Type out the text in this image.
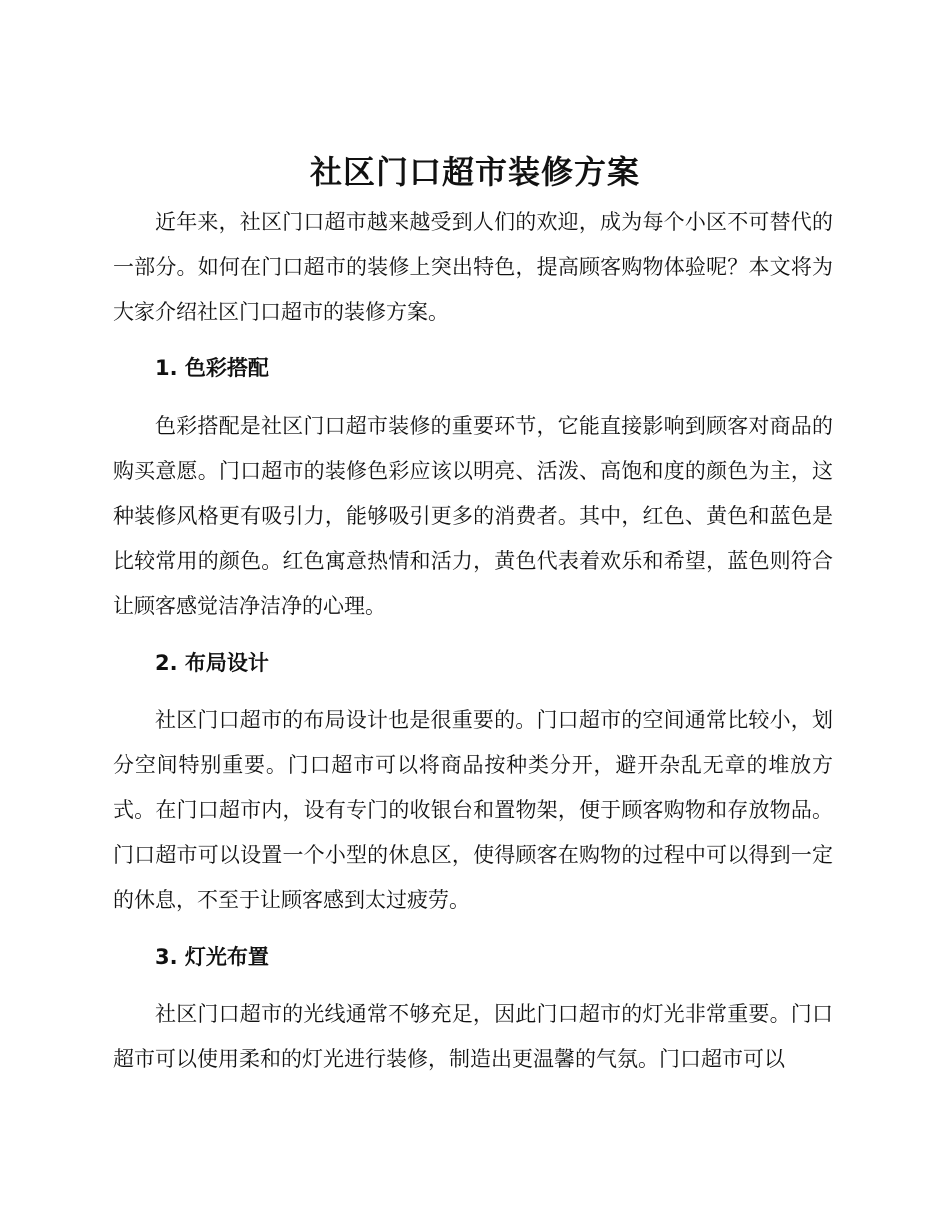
社区门口超市装修方案

近年来，社区门口超市越来越受到人们的欢迎，成为每个小区不可替代的一部分。如何在门口超市的装修上突出特色，提高顾客购物体验呢？本文将为大家介绍社区门口超市的装修方案。

1. 色彩搭配

色彩搭配是社区门口超市装修的重要环节，它能直接影响到顾客对商品的购买意愿。门口超市的装修色彩应该以明亮、活泼、高饱和度的颜色为主，这种装修风格更有吸引力，能够吸引更多的消费者。其中，红色、黄色和蓝色是比较常用的颜色。红色寓意热情和活力，黄色代表着欢乐和希望，蓝色则符合让顾客感觉洁净洁净的心理。

2. 布局设计

社区门口超市的布局设计也是很重要的。门口超市的空间通常比较小，划分空间特别重要。门口超市可以将商品按种类分开，避开杂乱无章的堆放方式。在门口超市内，设有专门的收银台和置物架，便于顾客购物和存放物品。门口超市可以设置一个小型的休息区，使得顾客在购物的过程中可以得到一定的休息，不至于让顾客感到太过疲劳。

3. 灯光布置

社区门口超市的光线通常不够充足，因此门口超市的灯光非常重要。门口超市可以使用柔和的灯光进行装修，制造出更温馨的气氛。门口超市可以
